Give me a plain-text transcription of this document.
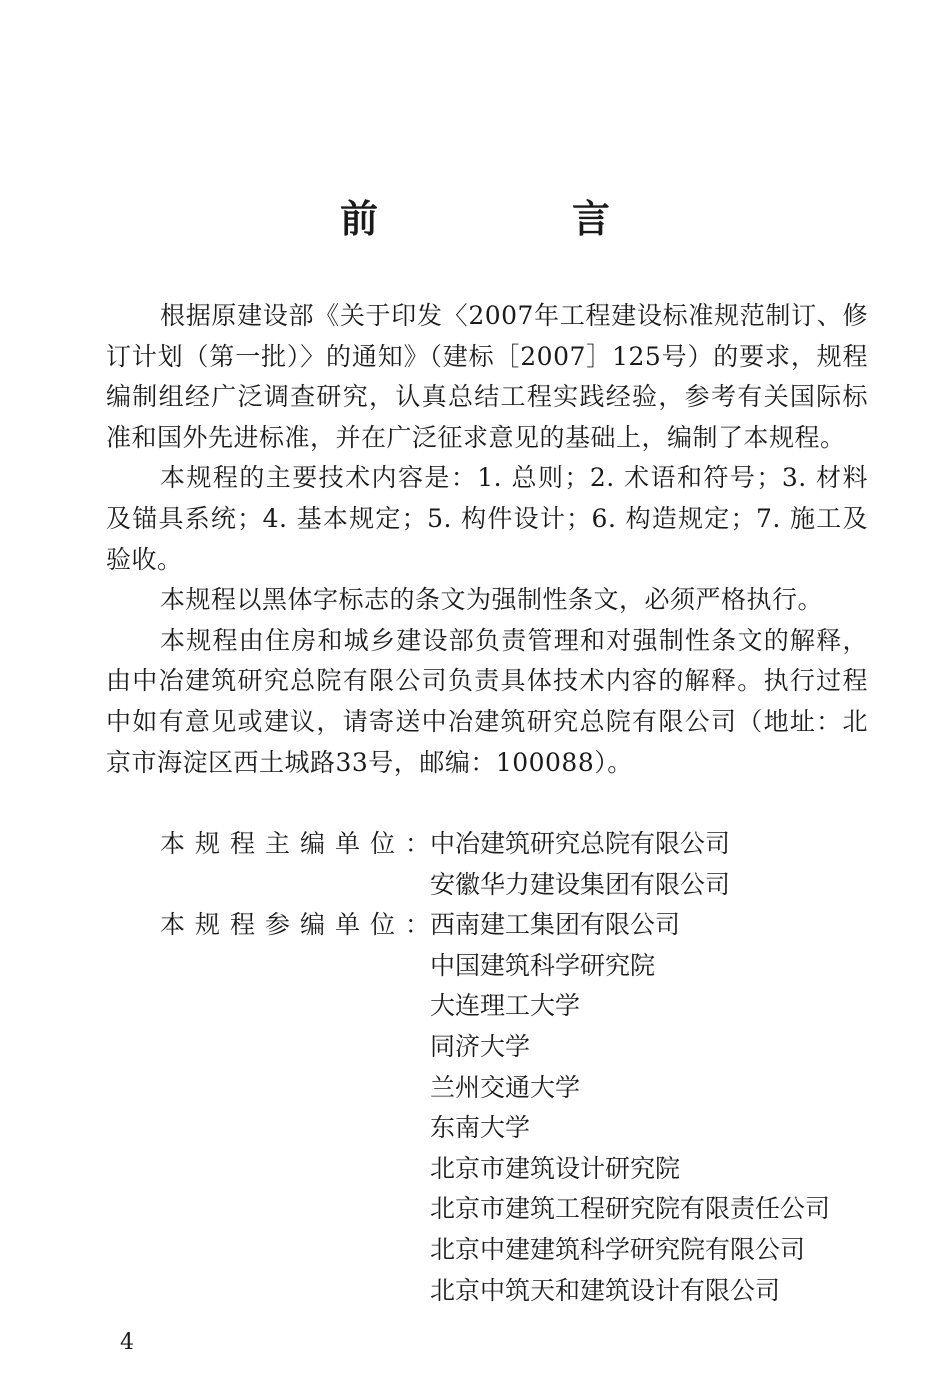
前　言

根据原建设部《关于印发〈2007年工程建设标准规范制订、修订计划（第一批）〉的通知》（建标［2007］125号）的要求，规程编制组经广泛调查研究，认真总结工程实践经验，参考有关国际标准和国外先进标准，并在广泛征求意见的基础上，编制了本规程。

本规程的主要技术内容是：1. 总则；2. 术语和符号；3. 材料及锚具系统；4. 基本规定；5. 构件设计；6. 构造规定；7. 施工及验收。

本规程以黑体字标志的条文为强制性条文，必须严格执行。

本规程由住房和城乡建设部负责管理和对强制性条文的解释，由中冶建筑研究总院有限公司负责具体技术内容的解释。执行过程中如有意见或建议，请寄送中冶建筑研究总院有限公司（地址：北京市海淀区西土城路33号，邮编：100088）。

本规程主编单位：
中冶建筑研究总院有限公司
安徽华力建设集团有限公司
本规程参编单位：
西南建工集团有限公司
中国建筑科学研究院
大连理工大学
同济大学
兰州交通大学
东南大学
北京市建筑设计研究院
北京市建筑工程研究院有限责任公司
北京中建建筑科学研究院有限公司
北京中筑天和建筑设计有限公司
4
